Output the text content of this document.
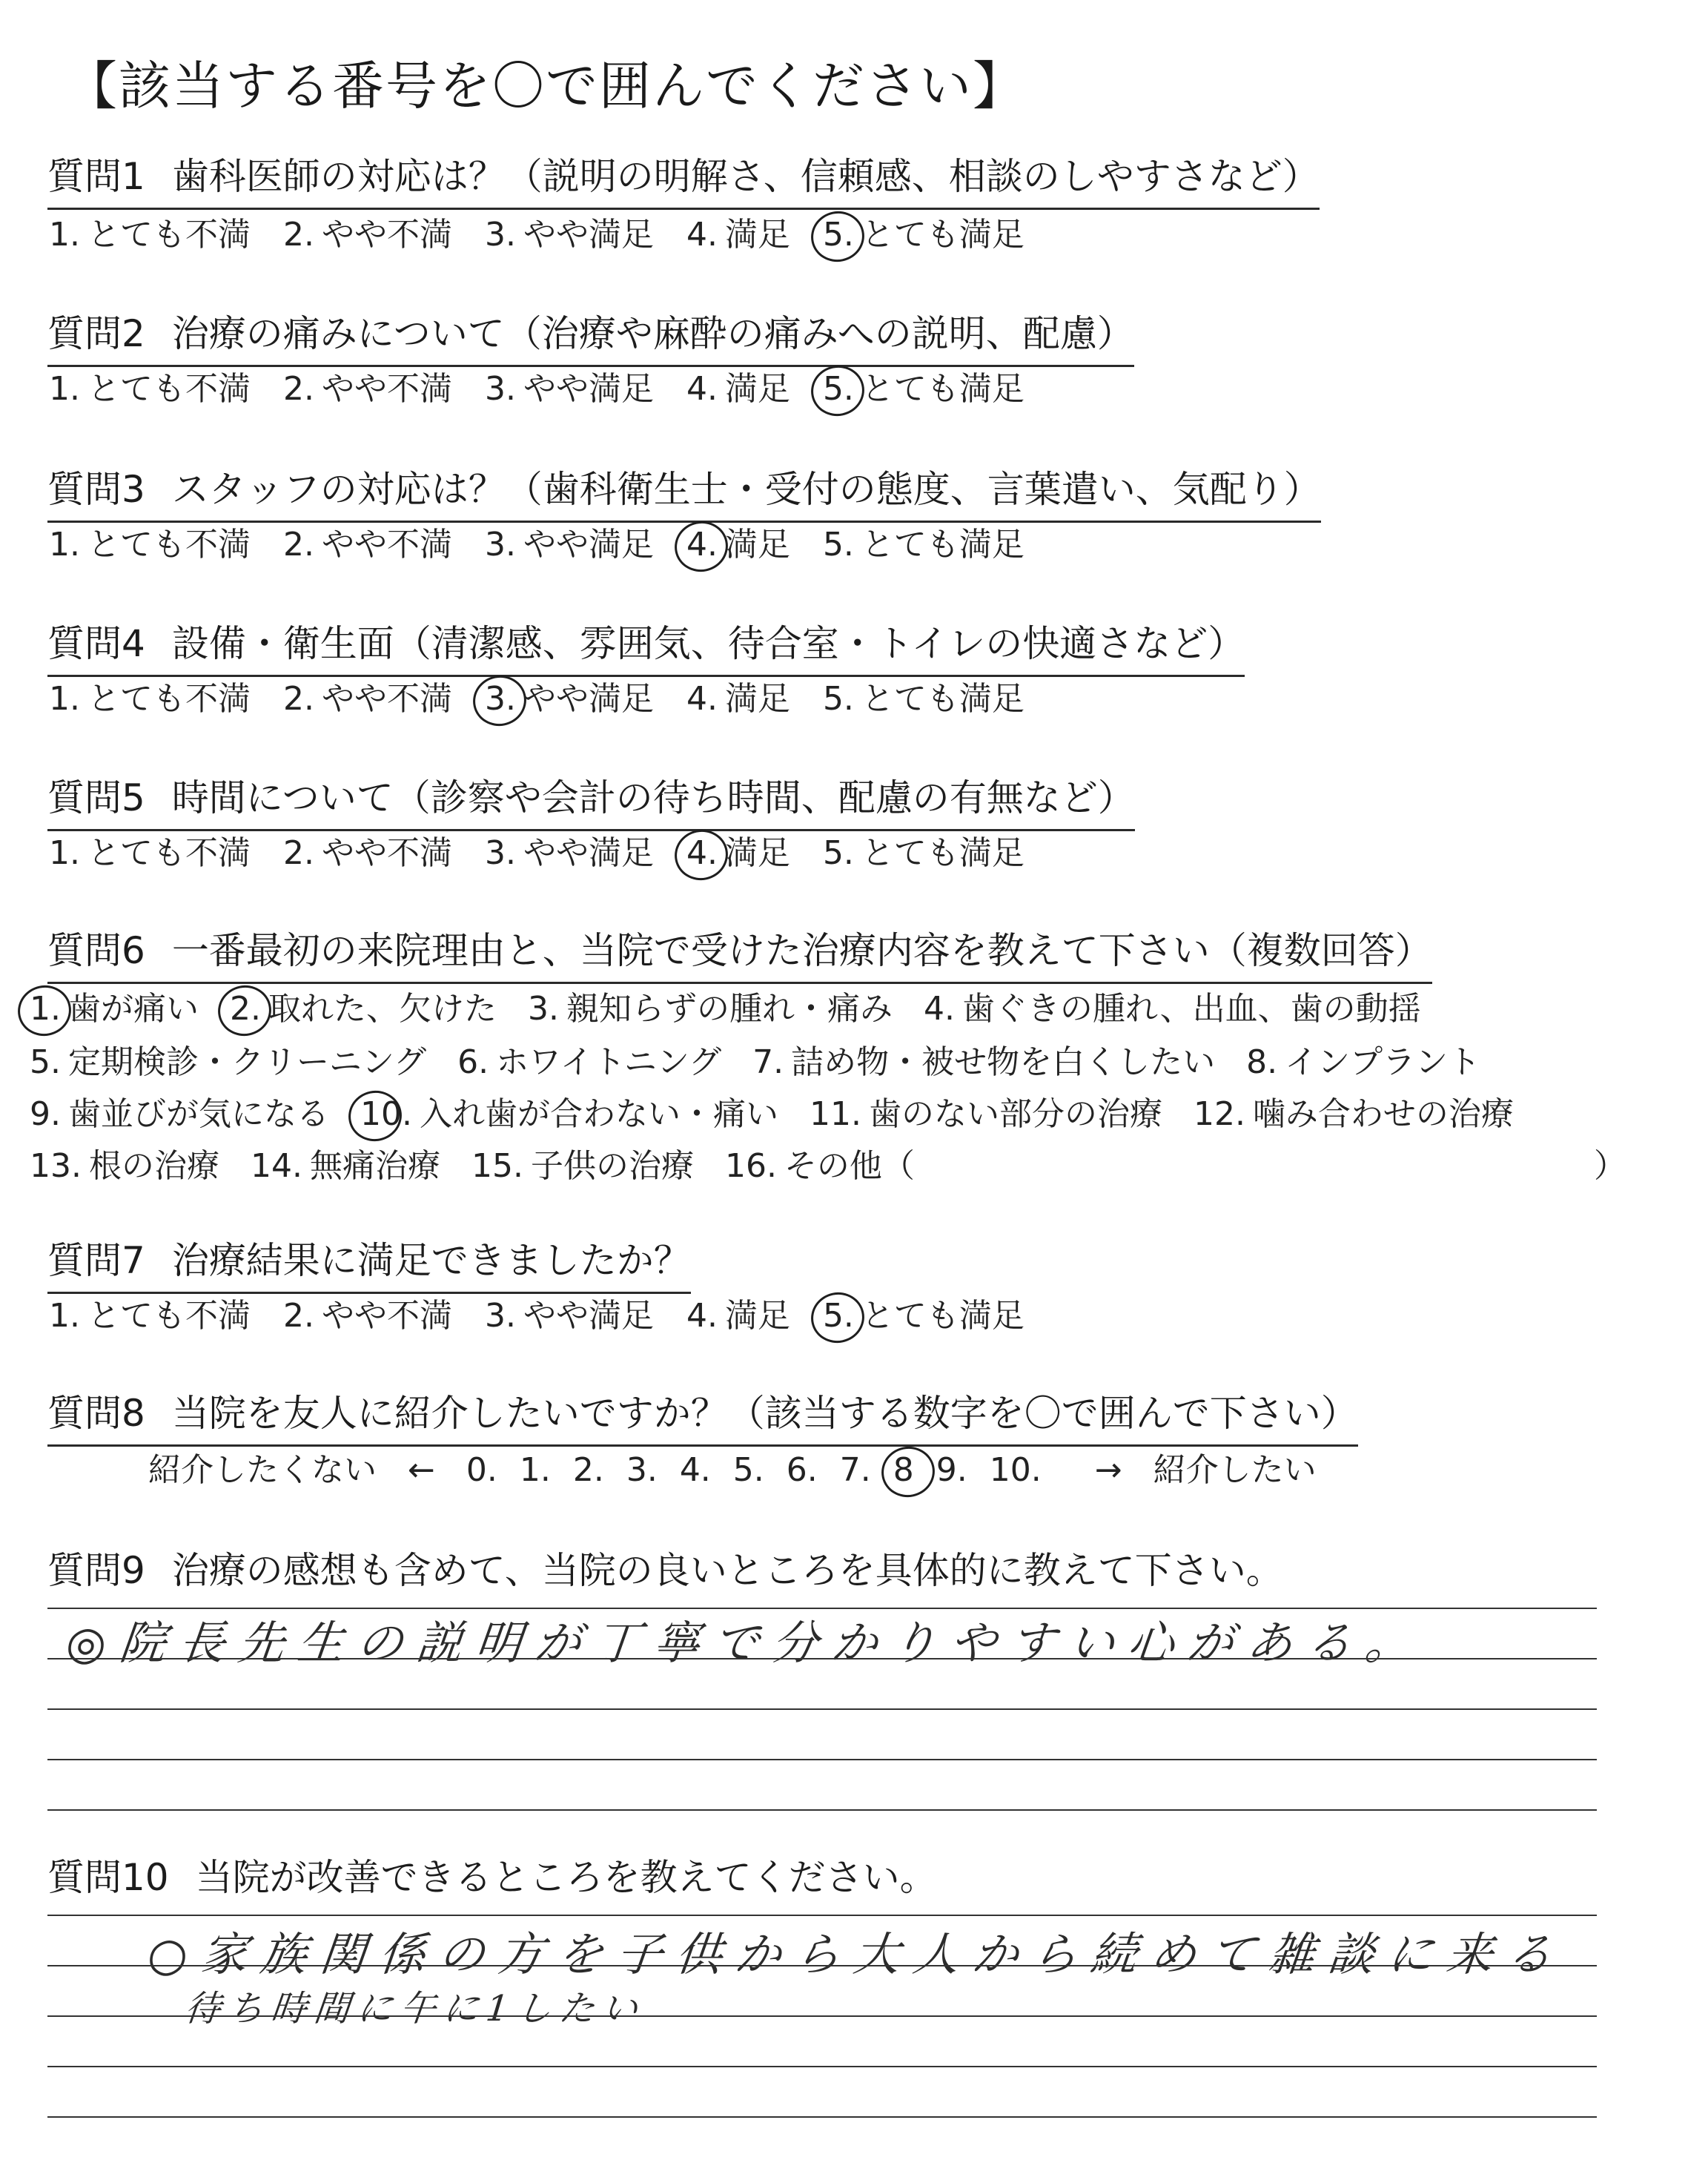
【該当する番号を〇で囲んでください】
質問1 歯科医師の対応は？（説明の明解さ、信頼感、相談のしやすさなど）
1. とても不満 2. やや不満 3. やや満足 4. 満足 5. とても満足
質問2 治療の痛みについて（治療や麻酔の痛みへの説明、配慮）
1. とても不満 2. やや不満 3. やや満足 4. 満足 5. とても満足
質問3 スタッフの対応は？（歯科衛生士・受付の態度、言葉遣い、気配り）
1. とても不満 2. やや不満 3. やや満足 4. 満足 5. とても満足
質問4 設備・衛生面（清潔感、雰囲気、待合室・トイレの快適さなど）
1. とても不満 2. やや不満 3. やや満足 4. 満足 5. とても満足
質問5 時間について（診察や会計の待ち時間、配慮の有無など）
1. とても不満 2. やや不満 3. やや満足 4. 満足 5. とても満足
質問6 一番最初の来院理由と、当院で受けた治療内容を教えて下さい（複数回答）
1. 歯が痛い 2. 取れた、欠けた 3. 親知らずの腫れ・痛み 4. 歯ぐきの腫れ、出血、歯の動揺
5. 定期検診・クリーニング 6. ホワイトニング 7. 詰め物・被せ物を白くしたい 8. インプラント
9. 歯並びが気になる 10. 入れ歯が合わない・痛い 11. 歯のない部分の治療 12. 噛み合わせの治療
13. 根の治療 14. 無痛治療 15. 子供の治療 16. その他（	）
質問7 治療結果に満足できましたか？
1. とても不満 2. やや不満 3. やや満足 4. 満足 5. とても満足
質問8 当院を友人に紹介したいですか？（該当する数字を〇で囲んで下さい）
紹介したくない ← 0. 1. 2. 3. 4. 5. 6. 7. 8 9. 10. → 紹介したい
質問9 治療の感想も含めて、当院の良いところを具体的に教えて下さい。
◎院長先生の説明が丁寧で分かりやすい心がある。
質問10 当院が改善できるところを教えてください。
○家族関係の方を子供から大人から続めて雑談に来る
待ち時間に午に1したい
